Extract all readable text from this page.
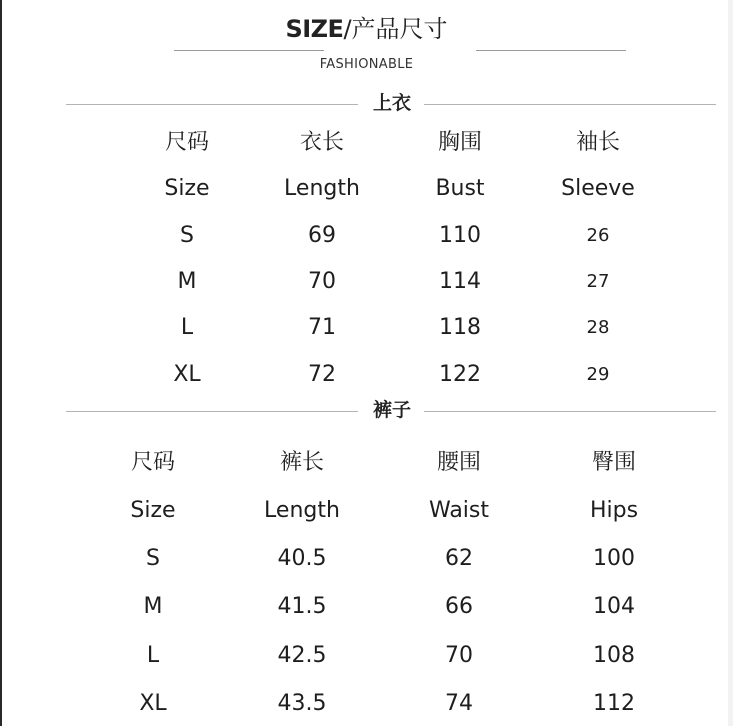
SIZE/产品尺寸
FASHIONABLE
上衣
裤子
尺码	衣长	胸围	袖长
Size	Length	Bust	Sleeve
S	69	110	26
M	70	114	27
L	71	118	28
XL	72	122	29
尺码	裤长	腰围	臀围
Size	Length	Waist	Hips
S	40.5	62	100
M	41.5	66	104
L	42.5	70	108
XL	43.5	74	112
